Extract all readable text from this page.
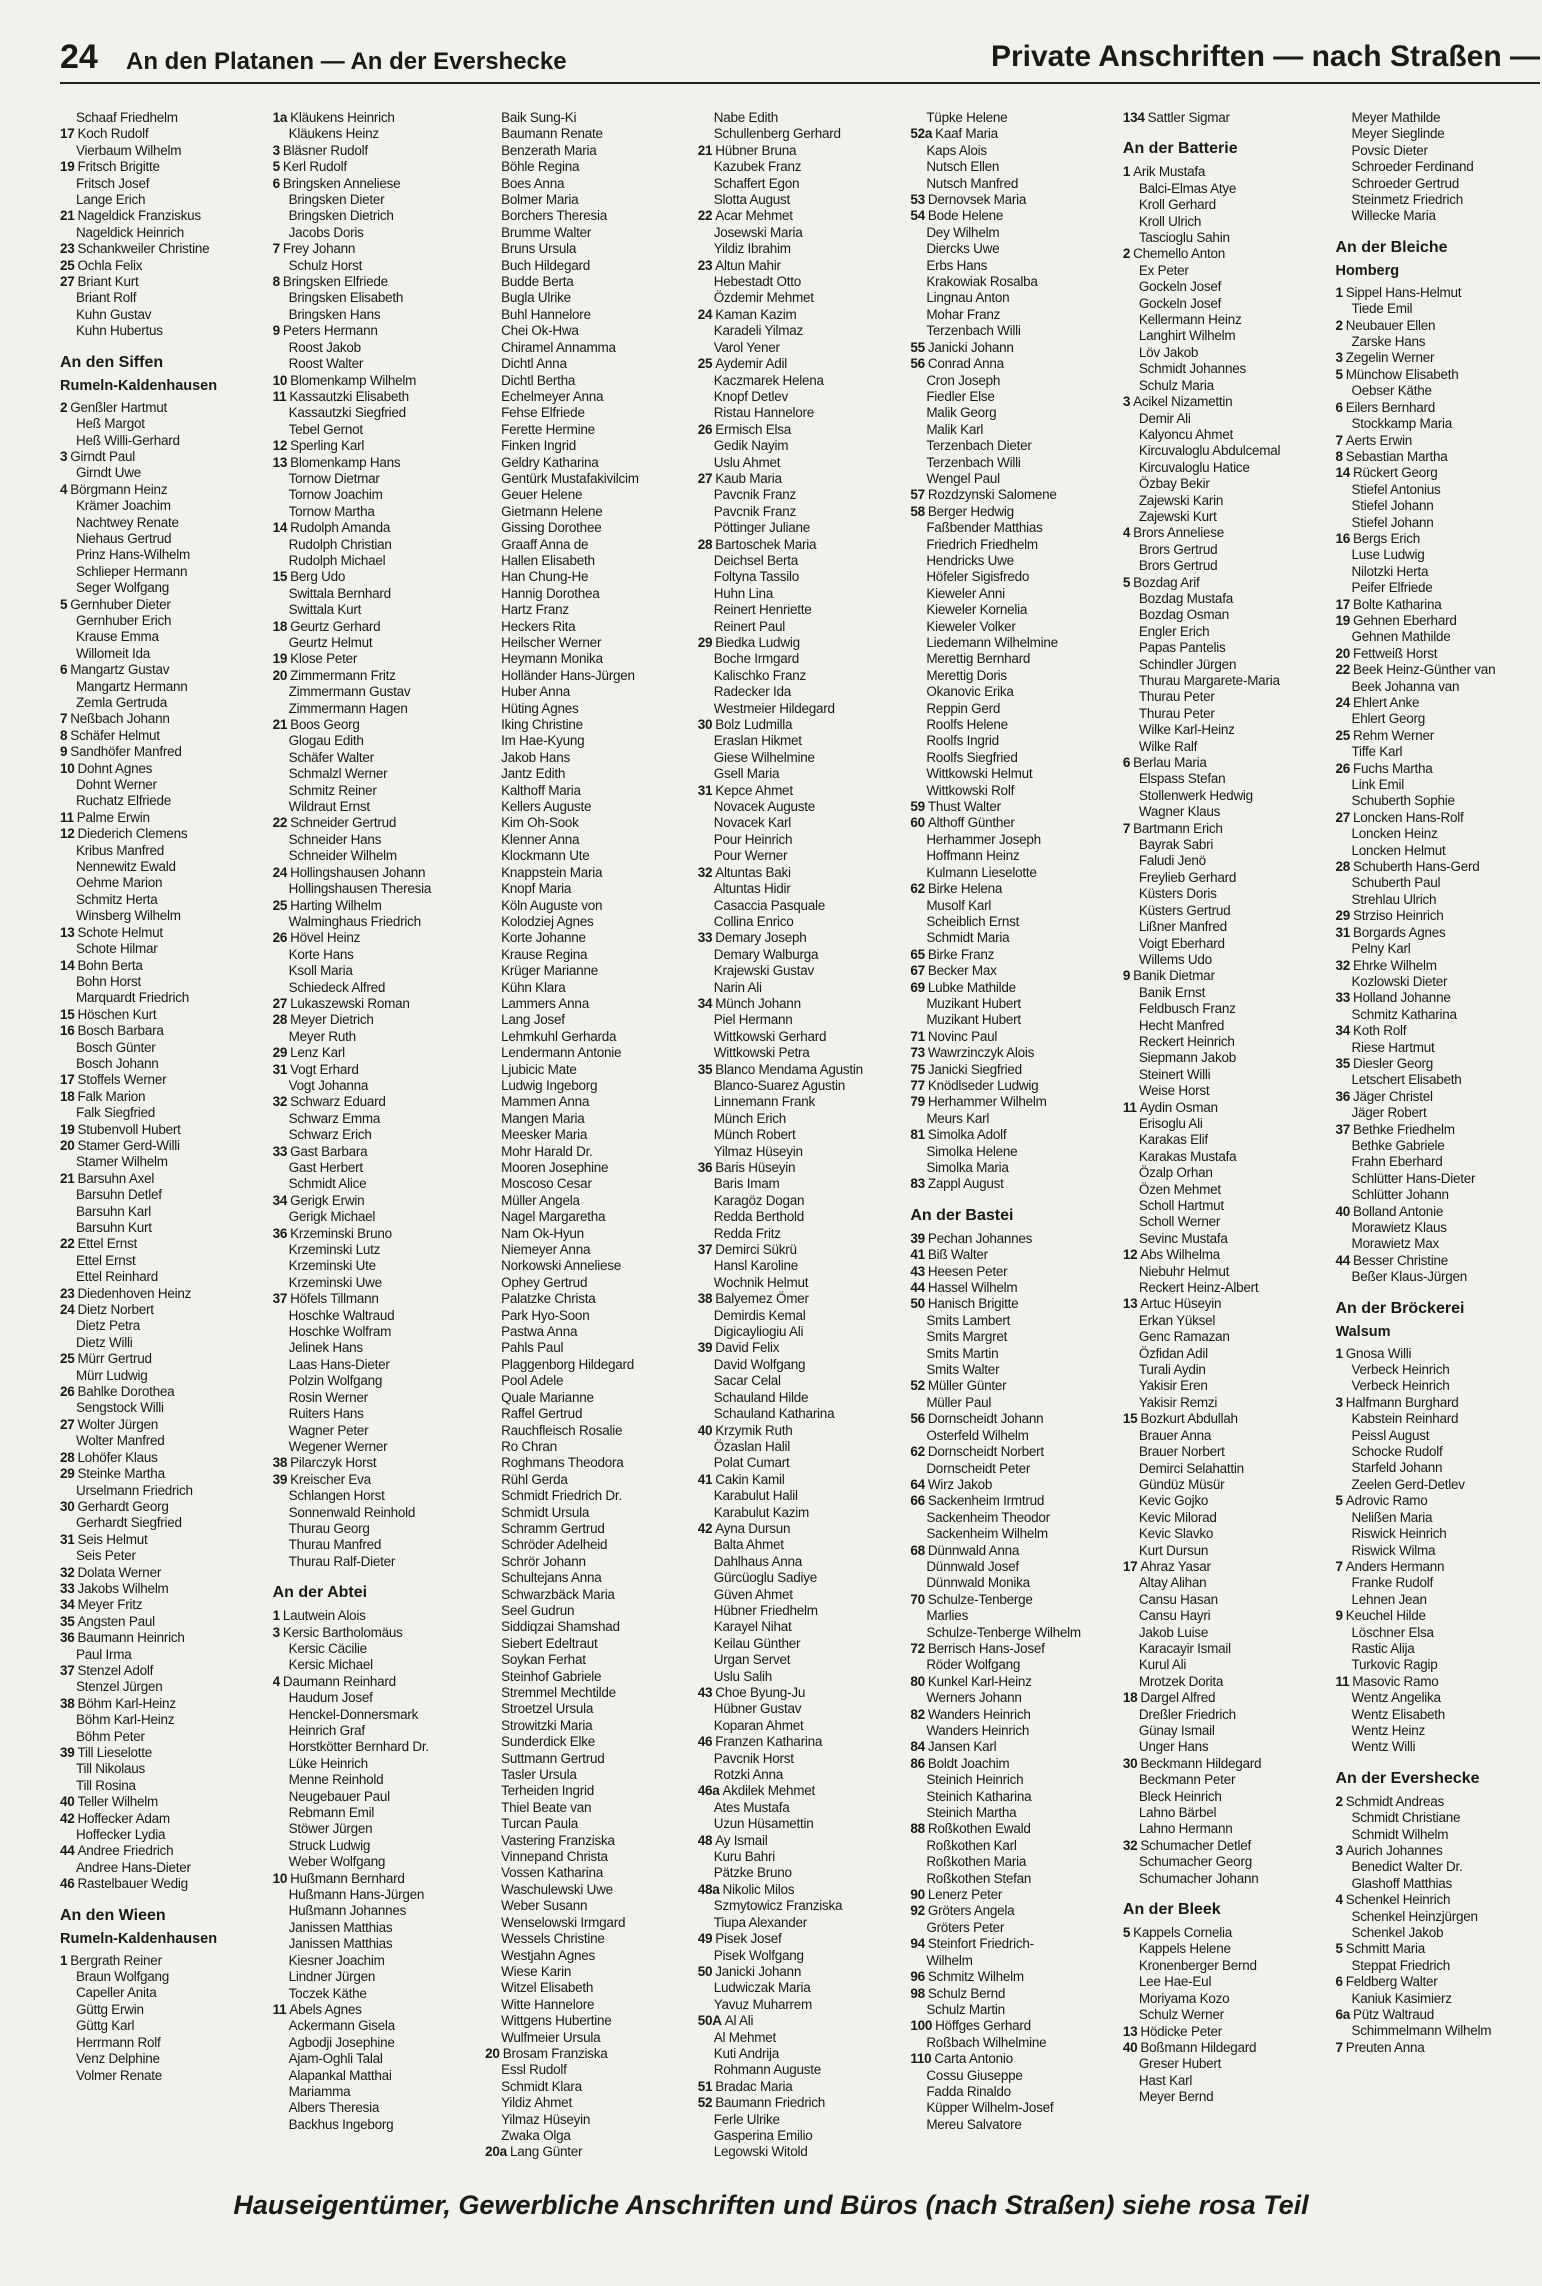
24 An den Platanen — An der Evershecke	Private Anschriften — nach Straßen —
Schaaf Friedhelm
17 Koch Rudolf
Vierbaum Wilhelm
19 Fritsch Brigitte
Fritsch Josef
Lange Erich
21 Nageldick Franziskus
Nageldick Heinrich
23 Schankweiler Christine
25 Ochla Felix
27 Briant Kurt
Briant Rolf
Kuhn Gustav
Kuhn Hubertus
An den Siffen
Rumeln-Kaldenhausen
2 Genßler Hartmut
Heß Margot
Heß Willi-Gerhard
3 Girndt Paul
Girndt Uwe
4 Börgmann Heinz
Krämer Joachim
Nachtwey Renate
Niehaus Gertrud
Prinz Hans-Wilhelm
Schlieper Hermann
Seger Wolfgang
5 Gernhuber Dieter
Gernhuber Erich
Krause Emma
Willomeit Ida
6 Mangartz Gustav
Mangartz Hermann
Zemla Gertruda
7 Neßbach Johann
8 Schäfer Helmut
9 Sandhöfer Manfred
10 Dohnt Agnes
Dohnt Werner
Ruchatz Elfriede
11 Palme Erwin
12 Diederich Clemens
Kribus Manfred
Nennewitz Ewald
Oehme Marion
Schmitz Herta
Winsberg Wilhelm
13 Schote Helmut
Schote Hilmar
14 Bohn Berta
Bohn Horst
Marquardt Friedrich
15 Höschen Kurt
16 Bosch Barbara
Bosch Günter
Bosch Johann
17 Stoffels Werner
18 Falk Marion
Falk Siegfried
19 Stubenvoll Hubert
20 Stamer Gerd-Willi
Stamer Wilhelm
21 Barsuhn Axel
Barsuhn Detlef
Barsuhn Karl
Barsuhn Kurt
22 Ettel Ernst
Ettel Ernst
Ettel Reinhard
23 Diedenhoven Heinz
24 Dietz Norbert
Dietz Petra
Dietz Willi
25 Mürr Gertrud
Mürr Ludwig
26 Bahlke Dorothea
Sengstock Willi
27 Wolter Jürgen
Wolter Manfred
28 Lohöfer Klaus
29 Steinke Martha
Urselmann Friedrich
30 Gerhardt Georg
Gerhardt Siegfried
31 Seis Helmut
Seis Peter
32 Dolata Werner
33 Jakobs Wilhelm
34 Meyer Fritz
35 Angsten Paul
36 Baumann Heinrich
Paul Irma
37 Stenzel Adolf
Stenzel Jürgen
38 Böhm Karl-Heinz
Böhm Karl-Heinz
Böhm Peter
39 Till Lieselotte
Till Nikolaus
Till Rosina
40 Teller Wilhelm
42 Hoffecker Adam
Hoffecker Lydia
44 Andree Friedrich
Andree Hans-Dieter
46 Rastelbauer Wedig
An den Wieen
Rumeln-Kaldenhausen
1 Bergrath Reiner
Braun Wolfgang
Capeller Anita
Güttg Erwin
Güttg Karl
Herrmann Rolf
Venz Delphine
Volmer Renate
1a Kläukens Heinrich
Kläukens Heinz
3 Bläsner Rudolf
5 Kerl Rudolf
6 Bringsken Anneliese
Bringsken Dieter
Bringsken Dietrich
Jacobs Doris
7 Frey Johann
Schulz Horst
8 Bringsken Elfriede
Bringsken Elisabeth
Bringsken Hans
9 Peters Hermann
Roost Jakob
Roost Walter
10 Blomenkamp Wilhelm
11 Kassautzki Elisabeth
Kassautzki Siegfried
Tebel Gernot
12 Sperling Karl
13 Blomenkamp Hans
Tornow Dietmar
Tornow Joachim
Tornow Martha
14 Rudolph Amanda
Rudolph Christian
Rudolph Michael
15 Berg Udo
Swittala Bernhard
Swittala Kurt
18 Geurtz Gerhard
Geurtz Helmut
19 Klose Peter
20 Zimmermann Fritz
Zimmermann Gustav
Zimmermann Hagen
21 Boos Georg
Glogau Edith
Schäfer Walter
Schmalzl Werner
Schmitz Reiner
Wildraut Ernst
22 Schneider Gertrud
Schneider Hans
Schneider Wilhelm
24 Hollingshausen Johann
Hollingshausen Theresia
25 Harting Wilhelm
Walminghaus Friedrich
26 Hövel Heinz
Korte Hans
Ksoll Maria
Schiedeck Alfred
27 Lukaszewski Roman
28 Meyer Dietrich
Meyer Ruth
29 Lenz Karl
31 Vogt Erhard
Vogt Johanna
32 Schwarz Eduard
Schwarz Emma
Schwarz Erich
33 Gast Barbara
Gast Herbert
Schmidt Alice
34 Gerigk Erwin
Gerigk Michael
36 Krzeminski Bruno
Krzeminski Lutz
Krzeminski Ute
Krzeminski Uwe
37 Höfels Tillmann
Hoschke Waltraud
Hoschke Wolfram
Jelinek Hans
Laas Hans-Dieter
Polzin Wolfgang
Rosin Werner
Ruiters Hans
Wagner Peter
Wegener Werner
38 Pilarczyk Horst
39 Kreischer Eva
Schlangen Horst
Sonnenwald Reinhold
Thurau Georg
Thurau Manfred
Thurau Ralf-Dieter
An der Abtei
1 Lautwein Alois
3 Kersic Bartholomäus
Kersic Cäcilie
Kersic Michael
4 Daumann Reinhard
Haudum Josef
Henckel-Donnersmark
Heinrich Graf
Horstkötter Bernhard Dr.
Lüke Heinrich
Menne Reinhold
Neugebauer Paul
Rebmann Emil
Stöwer Jürgen
Struck Ludwig
Weber Wolfgang
10 Hußmann Bernhard
Hußmann Hans-Jürgen
Hußmann Johannes
Janissen Matthias
Janissen Matthias
Kiesner Joachim
Lindner Jürgen
Toczek Käthe
11 Abels Agnes
Ackermann Gisela
Agbodji Josephine
Ajam-Oghli Talal
Alapankal Matthai
Mariamma
Albers Theresia
Backhus Ingeborg
Baik Sung-Ki
Baumann Renate
Benzerath Maria
Böhle Regina
Boes Anna
Bolmer Maria
Borchers Theresia
Brumme Walter
Bruns Ursula
Buch Hildegard
Budde Berta
Bugla Ulrike
Buhl Hannelore
Chei Ok-Hwa
Chiramel Annamma
Dichtl Anna
Dichtl Bertha
Echelmeyer Anna
Fehse Elfriede
Ferette Hermine
Finken Ingrid
Geldry Katharina
Gentürk Mustafakivilcim
Geuer Helene
Gietmann Helene
Gissing Dorothee
Graaff Anna de
Hallen Elisabeth
Han Chung-He
Hannig Dorothea
Hartz Franz
Heckers Rita
Heilscher Werner
Heymann Monika
Holländer Hans-Jürgen
Huber Anna
Hüting Agnes
Iking Christine
Im Hae-Kyung
Jakob Hans
Jantz Edith
Kalthoff Maria
Kellers Auguste
Kim Oh-Sook
Klenner Anna
Klockmann Ute
Knappstein Maria
Knopf Maria
Köln Auguste von
Kolodziej Agnes
Korte Johanne
Krause Regina
Krüger Marianne
Kühn Klara
Lammers Anna
Lang Josef
Lehmkuhl Gerharda
Lendermann Antonie
Ljubicic Mate
Ludwig Ingeborg
Mammen Anna
Mangen Maria
Meesker Maria
Mohr Harald Dr.
Mooren Josephine
Moscoso Cesar
Müller Angela
Nagel Margaretha
Nam Ok-Hyun
Niemeyer Anna
Norkowski Anneliese
Ophey Gertrud
Palatzke Christa
Park Hyo-Soon
Pastwa Anna
Pahls Paul
Plaggenborg Hildegard
Pool Adele
Quale Marianne
Raffel Gertrud
Rauchfleisch Rosalie
Ro Chran
Roghmans Theodora
Rühl Gerda
Schmidt Friedrich Dr.
Schmidt Ursula
Schramm Gertrud
Schröder Adelheid
Schrör Johann
Schultejans Anna
Schwarzbäck Maria
Seel Gudrun
Siddiqzai Shamshad
Siebert Edeltraut
Soykan Ferhat
Steinhof Gabriele
Stremmel Mechtilde
Stroetzel Ursula
Strowitzki Maria
Sunderdick Elke
Suttmann Gertrud
Tasler Ursula
Terheiden Ingrid
Thiel Beate van
Turcan Paula
Vastering Franziska
Vinnepand Christa
Vossen Katharina
Waschulewski Uwe
Weber Susann
Wenselowski Irmgard
Wessels Christine
Westjahn Agnes
Wiese Karin
Witzel Elisabeth
Witte Hannelore
Wittgens Hubertine
Wulfmeier Ursula
20 Brosam Franziska
Essl Rudolf
Schmidt Klara
Yildiz Ahmet
Yilmaz Hüseyin
Zwaka Olga
20a Lang Günter
Nabe Edith
Schullenberg Gerhard
21 Hübner Bruna
Kazubek Franz
Schaffert Egon
Slotta August
22 Acar Mehmet
Josewski Maria
Yildiz Ibrahim
23 Altun Mahir
Hebestadt Otto
Özdemir Mehmet
24 Kaman Kazim
Karadeli Yilmaz
Varol Yener
25 Aydemir Adil
Kaczmarek Helena
Knopf Detlev
Ristau Hannelore
26 Ermisch Elsa
Gedik Nayim
Uslu Ahmet
27 Kaub Maria
Pavcnik Franz
Pavcnik Franz
Pöttinger Juliane
28 Bartoschek Maria
Deichsel Berta
Foltyna Tassilo
Huhn Lina
Reinert Henriette
Reinert Paul
29 Biedka Ludwig
Boche Irmgard
Kalischko Franz
Radecker Ida
Westmeier Hildegard
30 Bolz Ludmilla
Eraslan Hikmet
Giese Wilhelmine
Gsell Maria
31 Kepce Ahmet
Novacek Auguste
Novacek Karl
Pour Heinrich
Pour Werner
32 Altuntas Baki
Altuntas Hidir
Casaccia Pasquale
Collina Enrico
33 Demary Joseph
Demary Walburga
Krajewski Gustav
Narin Ali
34 Münch Johann
Piel Hermann
Wittkowski Gerhard
Wittkowski Petra
35 Blanco Mendama Agustin
Blanco-Suarez Agustin
Linnemann Frank
Münch Erich
Münch Robert
Yilmaz Hüseyin
36 Baris Hüseyin
Baris Imam
Karagöz Dogan
Redda Berthold
Redda Fritz
37 Demirci Sükrü
Hansl Karoline
Wochnik Helmut
38 Balyemez Ömer
Demirdis Kemal
Digicayliogiu Ali
39 David Felix
David Wolfgang
Sacar Celal
Schauland Hilde
Schauland Katharina
40 Krzymik Ruth
Özaslan Halil
Polat Cumart
41 Cakin Kamil
Karabulut Halil
Karabulut Kazim
42 Ayna Dursun
Balta Ahmet
Dahlhaus Anna
Gürcüoglu Sadiye
Güven Ahmet
Hübner Friedhelm
Karayel Nihat
Keilau Günther
Urgan Servet
Uslu Salih
43 Choe Byung-Ju
Hübner Gustav
Koparan Ahmet
46 Franzen Katharina
Pavcnik Horst
Rotzki Anna
46a Akdilek Mehmet
Ates Mustafa
Uzun Hüsamettin
48 Ay Ismail
Kuru Bahri
Pätzke Bruno
48a Nikolic Milos
Szmytowicz Franziska
Tiupa Alexander
49 Pisek Josef
Pisek Wolfgang
50 Janicki Johann
Ludwiczak Maria
Yavuz Muharrem
50A Al Ali
Al Mehmet
Kuti Andrija
Rohmann Auguste
51 Bradac Maria
52 Baumann Friedrich
Ferle Ulrike
Gasperina Emilio
Legowski Witold
Tüpke Helene
52a Kaaf Maria
Kaps Alois
Nutsch Ellen
Nutsch Manfred
53 Dernovsek Maria
54 Bode Helene
Dey Wilhelm
Diercks Uwe
Erbs Hans
Krakowiak Rosalba
Lingnau Anton
Mohar Franz
Terzenbach Willi
55 Janicki Johann
56 Conrad Anna
Cron Joseph
Fiedler Else
Malik Georg
Malik Karl
Terzenbach Dieter
Terzenbach Willi
Wengel Paul
57 Rozdzynski Salomene
58 Berger Hedwig
Faßbender Matthias
Friedrich Friedhelm
Hendricks Uwe
Höfeler Sigisfredo
Kieweler Anni
Kieweler Kornelia
Kieweler Volker
Liedemann Wilhelmine
Merettig Bernhard
Merettig Doris
Okanovic Erika
Reppin Gerd
Roolfs Helene
Roolfs Ingrid
Roolfs Siegfried
Wittkowski Helmut
Wittkowski Rolf
59 Thust Walter
60 Althoff Günther
Herhammer Joseph
Hoffmann Heinz
Kulmann Lieselotte
62 Birke Helena
Musolf Karl
Scheiblich Ernst
Schmidt Maria
65 Birke Franz
67 Becker Max
69 Lubke Mathilde
Muzikant Hubert
Muzikant Hubert
71 Novinc Paul
73 Wawrzinczyk Alois
75 Janicki Siegfried
77 Knödlseder Ludwig
79 Herhammer Wilhelm
Meurs Karl
81 Simolka Adolf
Simolka Helene
Simolka Maria
83 Zappl August
An der Bastei
39 Pechan Johannes
41 Biß Walter
43 Heesen Peter
44 Hassel Wilhelm
50 Hanisch Brigitte
Smits Lambert
Smits Margret
Smits Martin
Smits Walter
52 Müller Günter
Müller Paul
56 Dornscheidt Johann
Osterfeld Wilhelm
62 Dornscheidt Norbert
Dornscheidt Peter
64 Wirz Jakob
66 Sackenheim Irmtrud
Sackenheim Theodor
Sackenheim Wilhelm
68 Dünnwald Anna
Dünnwald Josef
Dünnwald Monika
70 Schulze-Tenberge
Marlies
Schulze-Tenberge Wilhelm
72 Berrisch Hans-Josef
Röder Wolfgang
80 Kunkel Karl-Heinz
Werners Johann
82 Wanders Heinrich
Wanders Heinrich
84 Jansen Karl
86 Boldt Joachim
Steinich Heinrich
Steinich Katharina
Steinich Martha
88 Roßkothen Ewald
Roßkothen Karl
Roßkothen Maria
Roßkothen Stefan
90 Lenerz Peter
92 Gröters Angela
Gröters Peter
94 Steinfort Friedrich-
Wilhelm
96 Schmitz Wilhelm
98 Schulz Bernd
Schulz Martin
100 Höffges Gerhard
Roßbach Wilhelmine
110 Carta Antonio
Cossu Giuseppe
Fadda Rinaldo
Küpper Wilhelm-Josef
Mereu Salvatore
134 Sattler Sigmar
An der Batterie
1 Arik Mustafa
Balci-Elmas Atye
Kroll Gerhard
Kroll Ulrich
Tascioglu Sahin
2 Chemello Anton
Ex Peter
Gockeln Josef
Gockeln Josef
Kellermann Heinz
Langhirt Wilhelm
Löv Jakob
Schmidt Johannes
Schulz Maria
3 Acikel Nizamettin
Demir Ali
Kalyoncu Ahmet
Kircuvaloglu Abdulcemal
Kircuvaloglu Hatice
Özbay Bekir
Zajewski Karin
Zajewski Kurt
4 Brors Anneliese
Brors Gertrud
Brors Gertrud
5 Bozdag Arif
Bozdag Mustafa
Bozdag Osman
Engler Erich
Papas Pantelis
Schindler Jürgen
Thurau Margarete-Maria
Thurau Peter
Thurau Peter
Wilke Karl-Heinz
Wilke Ralf
6 Berlau Maria
Elspass Stefan
Stollenwerk Hedwig
Wagner Klaus
7 Bartmann Erich
Bayrak Sabri
Faludi Jenö
Freylieb Gerhard
Küsters Doris
Küsters Gertrud
Lißner Manfred
Voigt Eberhard
Willems Udo
9 Banik Dietmar
Banik Ernst
Feldbusch Franz
Hecht Manfred
Reckert Heinrich
Siepmann Jakob
Steinert Willi
Weise Horst
11 Aydin Osman
Erisoglu Ali
Karakas Elif
Karakas Mustafa
Özalp Orhan
Özen Mehmet
Scholl Hartmut
Scholl Werner
Sevinc Mustafa
12 Abs Wilhelma
Niebuhr Helmut
Reckert Heinz-Albert
13 Artuc Hüseyin
Erkan Yüksel
Genc Ramazan
Özfidan Adil
Turali Aydin
Yakisir Eren
Yakisir Remzi
15 Bozkurt Abdullah
Brauer Anna
Brauer Norbert
Demirci Selahattin
Gündüz Müsür
Kevic Gojko
Kevic Milorad
Kevic Slavko
Kurt Dursun
17 Ahraz Yasar
Altay Alihan
Cansu Hasan
Cansu Hayri
Jakob Luise
Karacayir Ismail
Kurul Ali
Mrotzek Dorita
18 Dargel Alfred
Dreßler Friedrich
Günay Ismail
Unger Hans
30 Beckmann Hildegard
Beckmann Peter
Bleck Heinrich
Lahno Bärbel
Lahno Hermann
32 Schumacher Detlef
Schumacher Georg
Schumacher Johann
An der Bleek
5 Kappels Cornelia
Kappels Helene
Kronenberger Bernd
Lee Hae-Eul
Moriyama Kozo
Schulz Werner
13 Hödicke Peter
40 Boßmann Hildegard
Greser Hubert
Hast Karl
Meyer Bernd
Meyer Mathilde
Meyer Sieglinde
Povsic Dieter
Schroeder Ferdinand
Schroeder Gertrud
Steinmetz Friedrich
Willecke Maria
An der Bleiche
Homberg
1 Sippel Hans-Helmut
Tiede Emil
2 Neubauer Ellen
Zarske Hans
3 Zegelin Werner
5 Münchow Elisabeth
Oebser Käthe
6 Eilers Bernhard
Stockkamp Maria
7 Aerts Erwin
8 Sebastian Martha
14 Rückert Georg
Stiefel Antonius
Stiefel Johann
Stiefel Johann
16 Bergs Erich
Luse Ludwig
Nilotzki Herta
Peifer Elfriede
17 Bolte Katharina
19 Gehnen Eberhard
Gehnen Mathilde
20 Fettweiß Horst
22 Beek Heinz-Günther van
Beek Johanna van
24 Ehlert Anke
Ehlert Georg
25 Rehm Werner
Tiffe Karl
26 Fuchs Martha
Link Emil
Schuberth Sophie
27 Loncken Hans-Rolf
Loncken Heinz
Loncken Helmut
28 Schuberth Hans-Gerd
Schuberth Paul
Strehlau Ulrich
29 Strziso Heinrich
31 Borgards Agnes
Pelny Karl
32 Ehrke Wilhelm
Kozlowski Dieter
33 Holland Johanne
Schmitz Katharina
34 Koth Rolf
Riese Hartmut
35 Diesler Georg
Letschert Elisabeth
36 Jäger Christel
Jäger Robert
37 Bethke Friedhelm
Bethke Gabriele
Frahn Eberhard
Schlütter Hans-Dieter
Schlütter Johann
40 Bolland Antonie
Morawietz Klaus
Morawietz Max
44 Besser Christine
Beßer Klaus-Jürgen
An der Bröckerei
Walsum
1 Gnosa Willi
Verbeck Heinrich
Verbeck Heinrich
3 Halfmann Burghard
Kabstein Reinhard
Peissl August
Schocke Rudolf
Starfeld Johann
Zeelen Gerd-Detlev
5 Adrovic Ramo
Nelißen Maria
Riswick Heinrich
Riswick Wilma
7 Anders Hermann
Franke Rudolf
Lehnen Jean
9 Keuchel Hilde
Löschner Elsa
Rastic Alija
Turkovic Ragip
11 Masovic Ramo
Wentz Angelika
Wentz Elisabeth
Wentz Heinz
Wentz Willi
An der Evershecke
2 Schmidt Andreas
Schmidt Christiane
Schmidt Wilhelm
3 Aurich Johannes
Benedict Walter Dr.
Glashoff Matthias
4 Schenkel Heinrich
Schenkel Heinzjürgen
Schenkel Jakob
5 Schmitt Maria
Steppat Friedrich
6 Feldberg Walter
Kaniuk Kasimierz
6a Pütz Waltraud
Schimmelmann Wilhelm
7 Preuten Anna
Hauseigentümer, Gewerbliche Anschriften und Büros (nach Straßen) siehe rosa Teil
